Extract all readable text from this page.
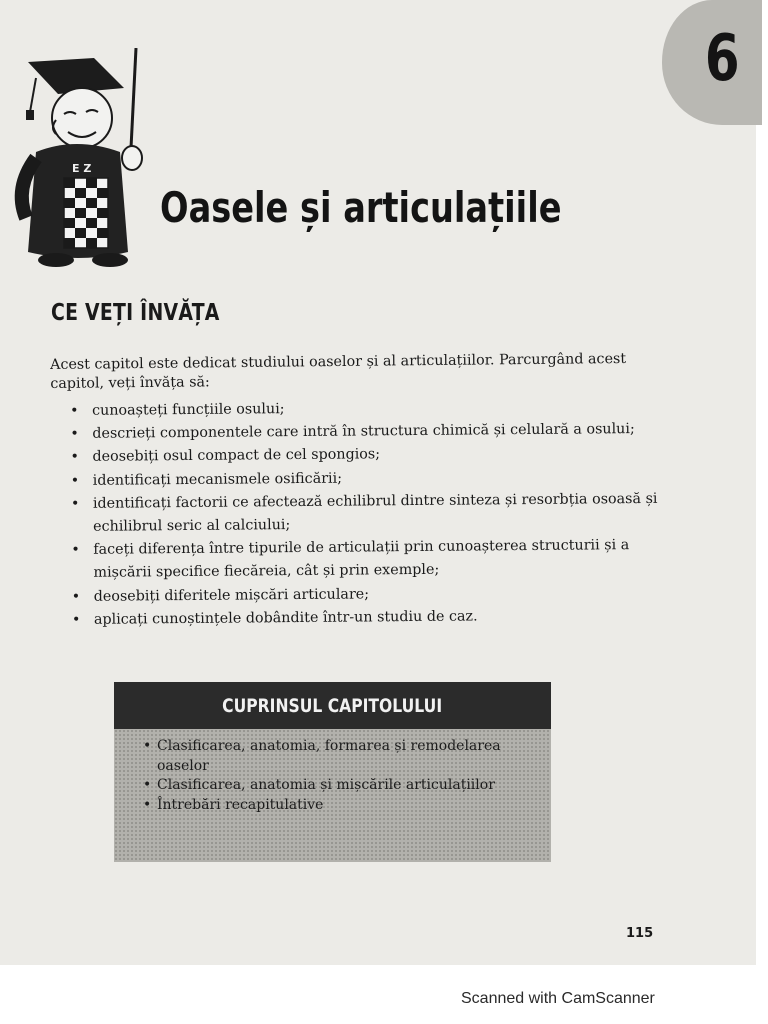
6
E Z
Oasele și articulațiile
CE VEȚI ÎNVĂȚA

Acest capitol este dedicat studiului oaselor și al articulațiilor. Parcurgând acest capitol, veți învăța să:

• cunoașteți funcțiile osului;
• descrieți componentele care intră în structura chimică și celulară a osului;
• deosebiți osul compact de cel spongios;
• identificați mecanismele osificării;
• identificați factorii ce afectează echilibrul dintre sinteza și resorbția osoasă și echilibrul seric al calciului;
• faceți diferența între tipurile de articulații prin cunoașterea structurii și a mișcării specifice fiecăreia, cât și prin exemple;
• deosebiți diferitele mișcări articulare;
• aplicați cunoștințele dobândite într-un studiu de caz.
CUPRINSUL CAPITOLULUI
• Clasificarea, anatomia, formarea și remodelarea oaselor
• Clasificarea, anatomia și mișcările articulațiilor
• Întrebări recapitulative
115
Scanned with CamScanner
